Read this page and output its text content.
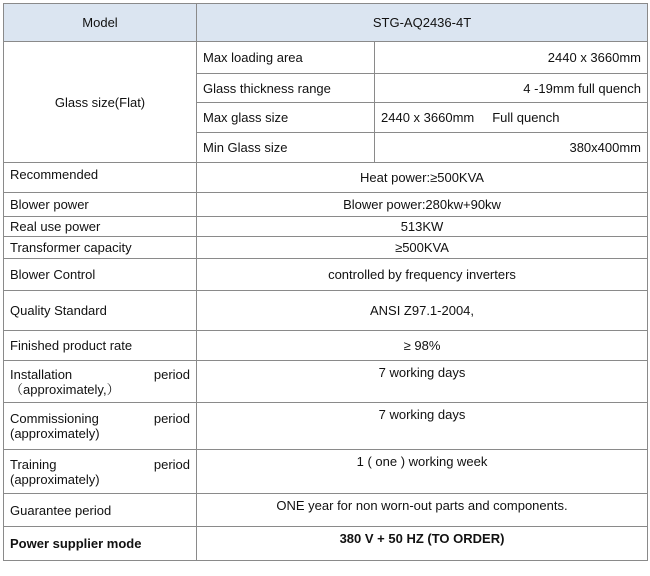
Model	STG-AQ2436-4T	
Glass size(Flat)	Max loading area	2440 x 3660mm
	Glass thickness range	4 -19mm full quench
	Max glass size	2440 x 3660mm Full quench
	Min Glass size	380x400mm
Recommended	Heat power:≥500KVA	
Blower power	Blower power:280kw+90kw	
Real use power	513KW	
Transformer capacity	≥500KVA	
Blower Control	controlled by frequency inverters	
Quality Standard	ANSI Z97.1-2004,	
Finished product rate	≥ 98%	

Installation period
（approximately,）	7 working days	

Commissioning period
(approximately)	7 working days	

Training period
(approximately)	1 ( one ) working week	
Guarantee period	ONE year for non worn-out parts and components.	
Power supplier mode	380 V + 50 HZ (TO ORDER)	
